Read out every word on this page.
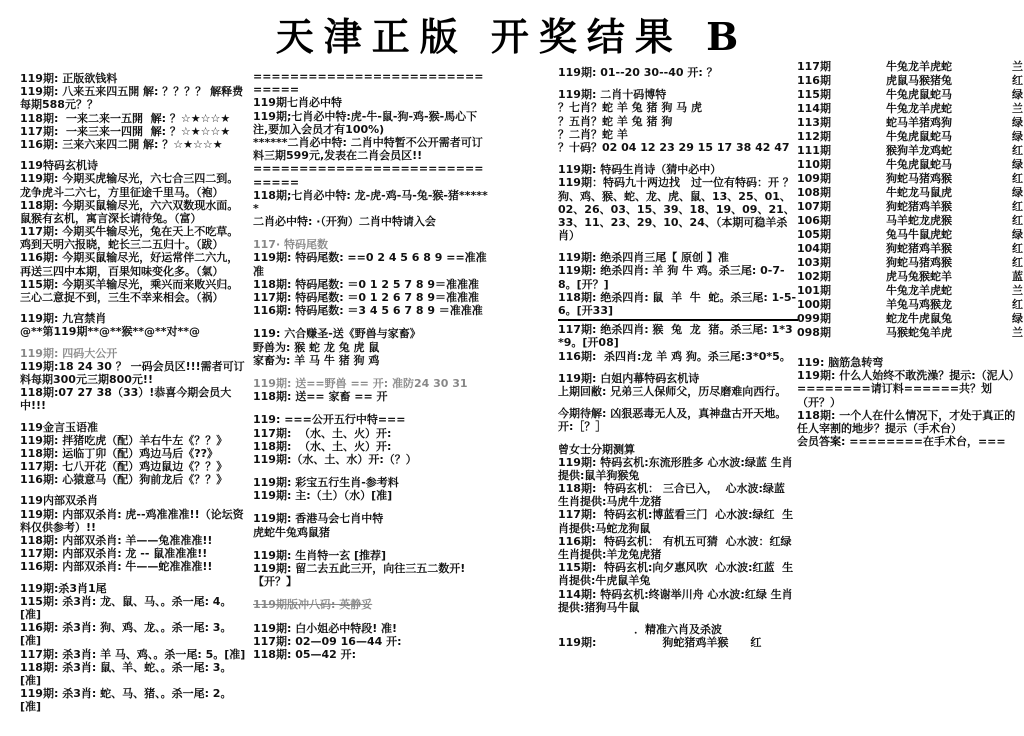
天津正版 开奖结果 B
119期: 正版欲钱料
119期: 八来五来四五開 解: ？？？？ 解释费每期588元？？
118期:  一来二来一五開  解: ？☆★☆☆★
117期:  一来三来一四開  解: ？☆★☆☆★
116期: 三来六来四二開 解: ？☆★☆☆★
119特码玄机诗
119期: 今期买虎输尽光，六七合三四二到。龙争虎斗二六七，方里征途千里马。（袍）
118期: 今期买鼠输尽光，六六双数现水面。鼠猴有玄机，寓言深长请待兔。（富）
117期: 今期买牛输尽光，兔在天上不吃草。鸡到天明六报晓，蛇长三二五归十。（跋）
116期: 今期买鼠输尽光，好运常伴二六九，再送三四中本期，百果知味变化多。（氣）
115期: 今期买羊输尽光，乘兴而来败兴归。三心二意捉不到，三生不幸来相会。（祸）
119期: 九宫禁肖
@**第119期**@**猴**@**对**@
119期: 四码大公开
119期:18 24 30 ？ 一码会员区!!!需者可订料每期300元三期800元!!
118期:07 27 38（33）!恭喜今期会员大中!!!
119金言玉语准
119期: 拌猪吃虎（配）羊右牛左《？？》
118期: 运临丁卯（配）鸡边马后《??》
117期: 七八开花（配）鸡边鼠边《？？》
116期: 心猿意马（配）狗前龙后《？？》
119内部双杀肖
119期: 内部双杀肖: 虎--鸡准准准!!（论坛资料仅供参考）!!
118期: 内部双杀肖: 羊——兔准准准!!
117期: 内部双杀肖: 龙 -- 鼠准准准!!
116期: 内部双杀肖: 牛——蛇准准准!!
119期:杀3肖1尾
115期: 杀3肖: 龙、鼠、马、。杀一尾: 4。[准]
116期: 杀3肖: 狗、鸡、龙、。杀一尾: 3。[准]
117期: 杀3肖: 羊 马、鸡、。杀一尾: 5。[准]
118期: 杀3肖: 鼠、羊、蛇、。杀一尾: 3。[准]
119期: 杀3肖: 蛇、马、猪、。杀一尾: 2。[准]
==============================
119期七肖必中特
119期;七肖必中特:虎-牛-鼠-狗-鸡-猴-馬心下注,要加入会员才有100%)
******二肖必中特: 二肖中特暂不公开需者可订料三期599元,发表在二肖会员区!!
==============================
118期;七肖必中特: 龙-虎-鸡-马-兔-猴-猪******
二肖必中特: ·（开狗）二肖中特请入会
117· 特码尾数
119期: 特码尾数: ==0 2 4 5 6 8 9 ==准准准
118期: 特码尾数: ＝0 1 2 5 7 8 9＝准准准
117期: 特码尾数: ＝0 1 2 6 7 8 9＝准准准
116期: 特码尾数: ＝3 4 5 6 7 8 9 ＝准准准
119: 六合赚圣-送《野兽与家畜》
野兽为: 猴 蛇 龙 兔 虎 鼠
家畜为: 羊 马 牛 猪 狗 鸡
119期: 送==野兽 == 开: 准防24 30 31
118期: 送== 家畜 == 开
119: ===公开五行中特===
117期:  （水、土、火）开:
118期:  （水、土、火）开:
119期:（水、土、水）开:（？）
119期: 彩宝五行生肖-参考料
119期: 主:（土）（水）[准]
119期: 香港马会七肖中特
虎蛇牛兔鸡鼠猪
119期: 生肖特一玄 [推荐]
119期: 留二去五此三开，向往三五二数开! 【开？】
119期版冲八码: 英静妥
119期: 白小姐必中特段! 准!
117期: 02—09 16—44 开:
118期: 05—42 开:
119期: 01--20 30--40 开: ？
119期: 二肖十码博特
？七肖？蛇 羊 兔 猪 狗 马 虎
？五肖？蛇 羊 兔 猪 狗
？二肖？蛇 羊
？十码？02 04 12 23 29 15 17 38 42 47
119期: 特码生肖诗（猜中必中）
119期：特码九十两边找　过一位有特码：开 ？
狗、鸡、猴、蛇、龙、虎、鼠、13、25、01、02、26、03、15、39、18、19、09、21、33、11、23、29、10、24、（本期可稳羊杀肖）
119期: 绝杀四肖三尾【 原创 】准
119期: 绝杀四肖: 羊 狗 牛 鸡。杀三尾: 0-7-8。[开？]
118期: 绝杀四肖: 鼠  羊  牛  蛇。杀三尾: 1-5-6。[开33]
117期: 绝杀四肖: 猴  兔  龙  猪。杀三尾: 1*3*9。[开08]
116期:  杀四肖:龙 羊 鸡 狗。杀三尾:3*0*5。
119期: 白姐内幕特码玄机诗
上期回敝: 兄弟三人保师父，历尽磨难向西行。
今期待解: 凶狠恶毒无人及，真神盘古开天地。开:［？］
曾女士分期测算
119期: 特码玄机:东流形胜多 心水波:绿蓝 生肖提供:鼠羊狗猴兔
118期:  特码玄机： 三合已入，  心水波:绿蓝  生肖提供:马虎牛龙猪
117期:  特码玄机:博蓝看三门  心水波:绿红  生肖提供:马蛇龙狗鼠
116期:  特码玄机： 有机五可猜  心水波：红绿  生肖提供:羊龙兔虎猪
115期:  特码玄机:向夕惠风吹  心水波:红蓝  生肖提供:牛虎鼠羊兔
114期: 特码玄机:终谢举川舟 心水波:红绿 生肖提供:猪狗马牛鼠
．精准六肖及杀波
119期:　　　　　　狗蛇猪鸡羊猴　　红
117期	牛兔龙羊虎蛇	兰
116期	虎鼠马猴猪兔	红
115期	牛兔虎鼠蛇马	绿
114期	牛兔龙羊虎蛇	兰
113期	蛇马羊猪鸡狗	绿
112期	牛兔虎鼠蛇马	绿
111期	猴狗羊龙鸡蛇	红
110期	牛兔虎鼠蛇马	绿
109期	狗蛇马猪鸡猴	红
108期	牛蛇龙马鼠虎	绿
107期	狗蛇猪鸡羊猴	红
106期	马羊蛇龙虎猴	红
105期	兔马牛鼠虎蛇	绿
104期	狗蛇猪鸡羊猴	红
103期	狗蛇马猪鸡猴	红
102期	虎马兔猴蛇羊	蓝
101期	牛兔龙羊虎蛇	兰
100期	羊兔马鸡猴龙	红
099期	蛇龙牛虎鼠兔	绿
098期	马猴蛇兔羊虎	兰
119: 脑筋急转弯
119期: 什么人始终不敢洗澡？提示:（泥人）
========请订料======共？划（开？）
118期: 一个人在什么情况下，才处于真正的任人宰割的地步？提示（手术台）
会员答案: ========在手术台，===
